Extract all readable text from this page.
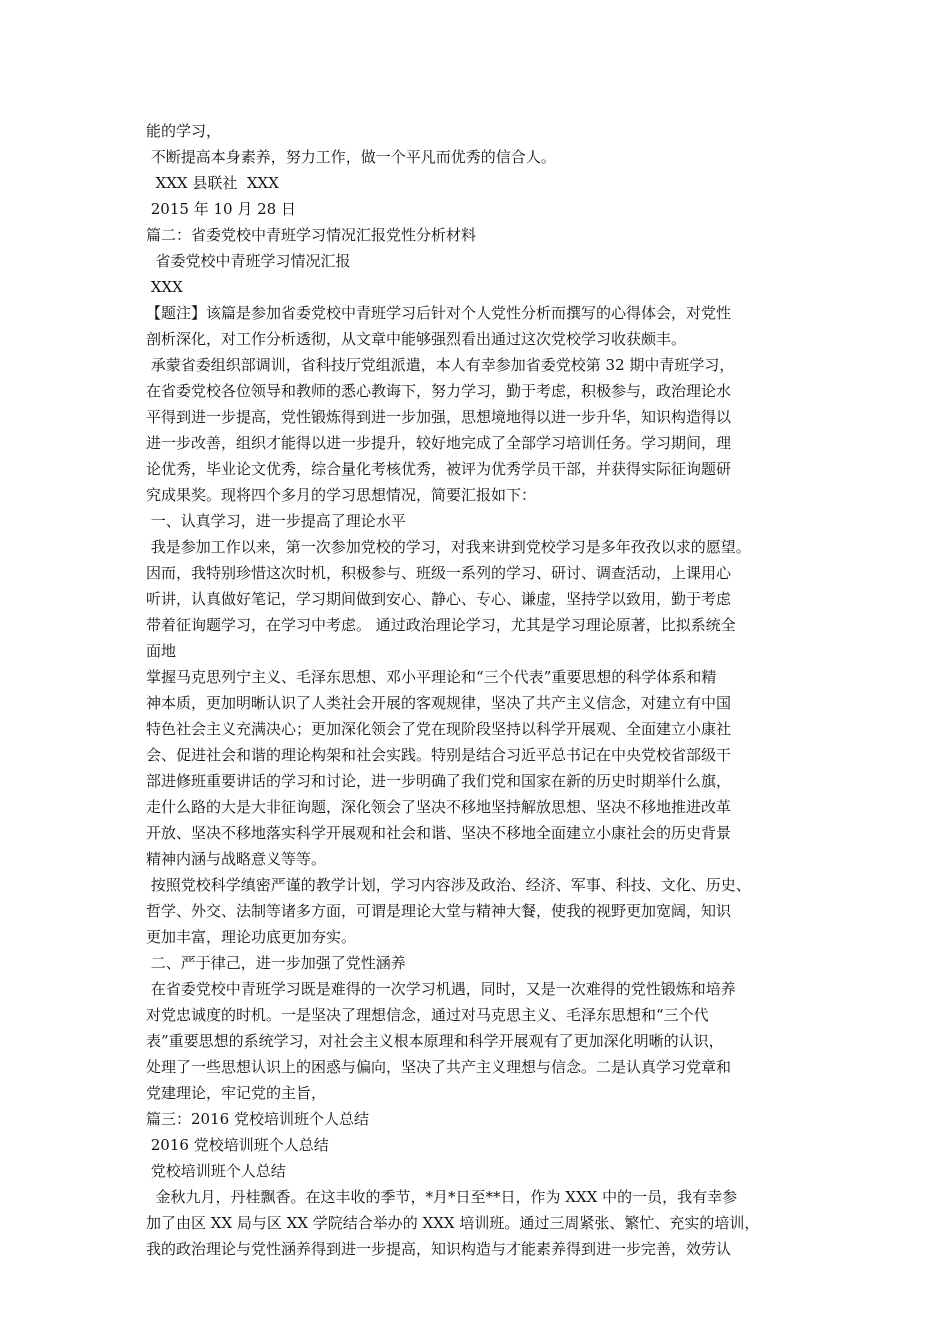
能的学习，
不断提高本身素养，努力工作，做一个平凡而优秀的信合人。
XXX 县联社  XXX
2015 年 10 月 28 日
篇二：省委党校中青班学习情况汇报党性分析材料
省委党校中青班学习情况汇报
XXX
【题注】该篇是参加省委党校中青班学习后针对个人党性分析而撰写的心得体会，对党性
剖析深化，对工作分析透彻，从文章中能够强烈看出通过这次党校学习收获颇丰。
承蒙省委组织部调训，省科技厅党组派遣，本人有幸参加省委党校第 32 期中青班学习，
在省委党校各位领导和教师的悉心教诲下，努力学习，勤于考虑，积极参与，政治理论水
平得到进一步提高，党性锻炼得到进一步加强，思想境地得以进一步升华，知识构造得以
进一步改善，组织才能得以进一步提升，较好地完成了全部学习培训任务。学习期间，理
论优秀，毕业论文优秀，综合量化考核优秀，被评为优秀学员干部，并获得实际征询题研
究成果奖。现将四个多月的学习思想情况，简要汇报如下：
一、认真学习，进一步提高了理论水平
我是参加工作以来，第一次参加党校的学习，对我来讲到党校学习是多年孜孜以求的愿望。
因而，我特别珍惜这次时机，积极参与、班级一系列的学习、研讨、调查活动，上课用心
听讲，认真做好笔记，学习期间做到安心、静心、专心、谦虚，坚持学以致用，勤于考虑
带着征询题学习，在学习中考虑。 通过政治理论学习，尤其是学习理论原著，比拟系统全
面地
掌握马克思列宁主义、毛泽东思想、邓小平理论和“三个代表”重要思想的科学体系和精
神本质，更加明晰认识了人类社会开展的客观规律，坚决了共产主义信念，对建立有中国
特色社会主义充满决心；更加深化领会了党在现阶段坚持以科学开展观、全面建立小康社
会、促进社会和谐的理论构架和社会实践。特别是结合习近平总书记在中央党校省部级干
部进修班重要讲话的学习和讨论，进一步明确了我们党和国家在新的历史时期举什么旗，
走什么路的大是大非征询题，深化领会了坚决不移地坚持解放思想、坚决不移地推进改革
开放、坚决不移地落实科学开展观和社会和谐、坚决不移地全面建立小康社会的历史背景
精神内涵与战略意义等等。
按照党校科学缜密严谨的教学计划，学习内容涉及政治、经济、军事、科技、文化、历史、
哲学、外交、法制等诸多方面，可谓是理论大堂与精神大餐，使我的视野更加宽阔，知识
更加丰富，理论功底更加夯实。
二、严于律己，进一步加强了党性涵养
在省委党校中青班学习既是难得的一次学习机遇，同时，又是一次难得的党性锻炼和培养
对党忠诚度的时机。一是坚决了理想信念，通过对马克思主义、毛泽东思想和“三个代
表”重要思想的系统学习，对社会主义根本原理和科学开展观有了更加深化明晰的认识，
处理了一些思想认识上的困惑与偏向，坚决了共产主义理想与信念。二是认真学习党章和
党建理论，牢记党的主旨，
篇三：2016 党校培训班个人总结
2016 党校培训班个人总结
党校培训班个人总结
金秋九月，丹桂飘香。在这丰收的季节，*月*日至**日，作为 XXX 中的一员，我有幸参
加了由区 XX 局与区 XX 学院结合举办的 XXX 培训班。通过三周紧张、繁忙、充实的培训，
我的政治理论与党性涵养得到进一步提高，知识构造与才能素养得到进一步完善，效劳认
